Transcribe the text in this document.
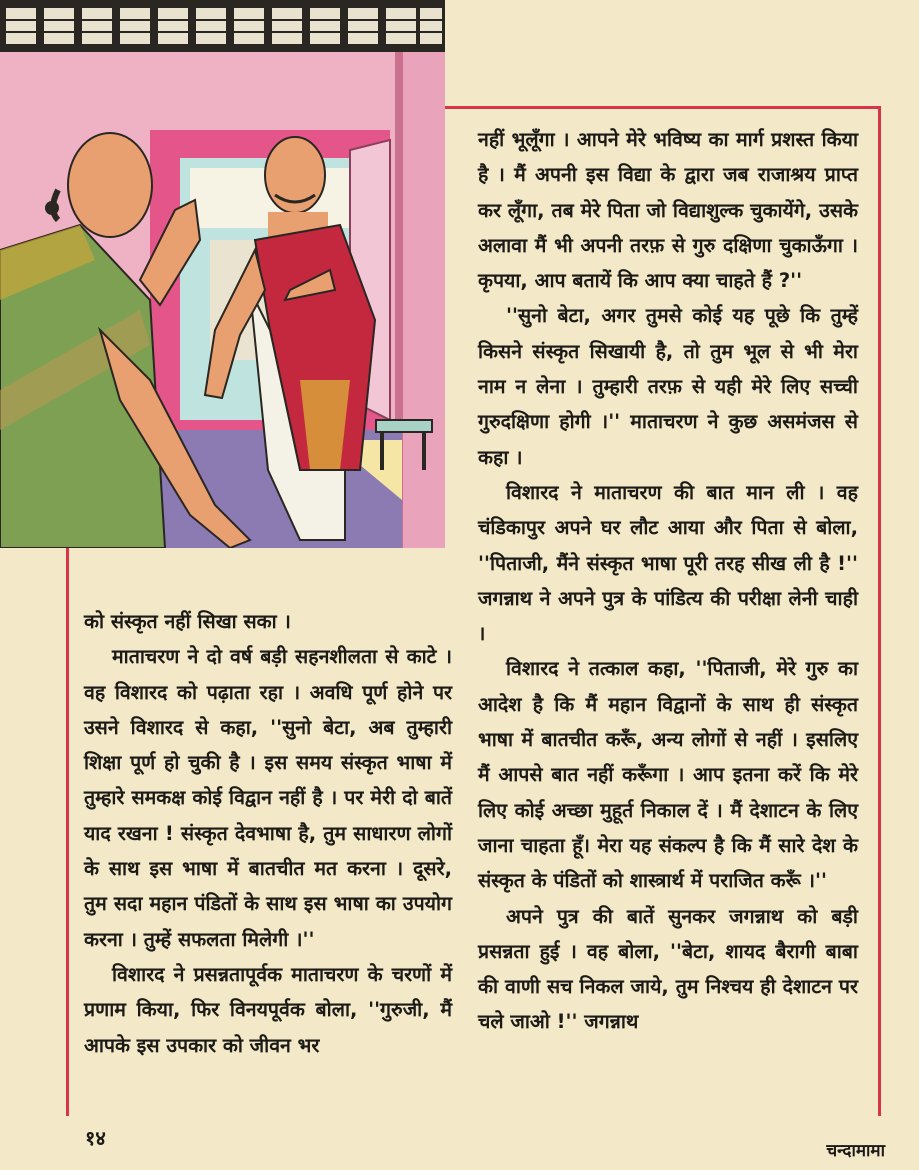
नहीं भूलूँगा । आपने मेरे भविष्य का मार्ग प्रशस्त किया है । मैं अपनी इस विद्या के द्वारा जब राजाश्रय प्राप्त कर लूँगा, तब मेरे पिता जो विद्याशुल्क चुकायेंगे, उसके अलावा मैं भी अपनी तरफ़ से गुरु दक्षिणा चुकाऊँगा । कृपया, आप बतायें कि आप क्या चाहते हैं ?''

''सुनो बेटा, अगर तुमसे कोई यह पूछे कि तुम्हें किसने संस्कृत सिखायी है, तो तुम भूल से भी मेरा नाम न लेना । तुम्हारी तरफ़ से यही मेरे लिए सच्ची गुरुदक्षिणा होगी ।'' माताचरण ने कुछ असमंजस से कहा ।

विशारद ने माताचरण की बात मान ली । वह चंडिकापुर अपने घर लौट आया और पिता से बोला, ''पिताजी, मैंने संस्कृत भाषा पूरी तरह सीख ली है !'' जगन्नाथ ने अपने पुत्र के पांडित्य की परीक्षा लेनी चाही ।

विशारद ने तत्काल कहा, ''पिताजी, मेरे गुरु का आदेश है कि मैं महान विद्वानों के साथ ही संस्कृत भाषा में बातचीत करूँ, अन्य लोगों से नहीं । इसलिए मैं आपसे बात नहीं करूँगा । आप इतना करें कि मेरे लिए कोई अच्छा मुहूर्त निकाल दें । मैं देशाटन के लिए जाना चाहता हूँ। मेरा यह संकल्प है कि मैं सारे देश के संस्कृत के पंडितों को शास्त्रार्थ में पराजित करूँ ।''

अपने पुत्र की बातें सुनकर जगन्नाथ को बड़ी प्रसन्नता हुई । वह बोला, ''बेटा, शायद बैरागी बाबा की वाणी सच निकल जाये, तुम निश्चय ही देशाटन पर चले जाओ !'' जगन्नाथ

को संस्कृत नहीं सिखा सका ।

माताचरण ने दो वर्ष बड़ी सहनशीलता से काटे । वह विशारद को पढ़ाता रहा । अवधि पूर्ण होने पर उसने विशारद से कहा, ''सुनो बेटा, अब तुम्हारी शिक्षा पूर्ण हो चुकी है । इस समय संस्कृत भाषा में तुम्हारे समकक्ष कोई विद्वान नहीं है । पर मेरी दो बातें याद रखना ! संस्कृत देवभाषा है, तुम साधारण लोगों के साथ इस भाषा में बातचीत मत करना । दूसरे, तुम सदा महान पंडितों के साथ इस भाषा का उपयोग करना । तुम्हें सफलता मिलेगी ।''

विशारद ने प्रसन्नतापूर्वक माताचरण के चरणों में प्रणाम किया, फिर विनयपूर्वक बोला, ''गुरुजी, मैं आपके इस उपकार को जीवन भर

१४
चन्दामामा
